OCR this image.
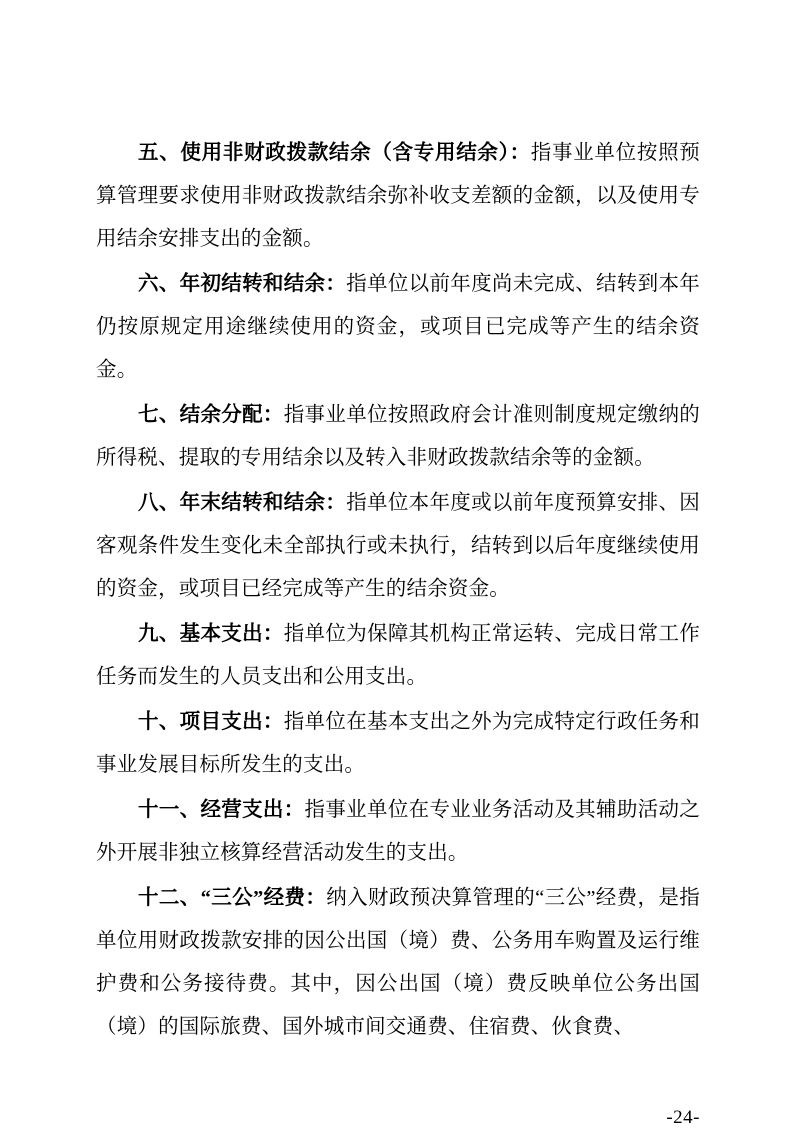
五、使用非财政拨款结余（含专用结余）：指事业单位按照预算管理要求使用非财政拨款结余弥补收支差额的金额，以及使用专用结余安排支出的金额。

六、年初结转和结余：指单位以前年度尚未完成、结转到本年仍按原规定用途继续使用的资金，或项目已完成等产生的结余资金。

七、结余分配：指事业单位按照政府会计准则制度规定缴纳的所得税、提取的专用结余以及转入非财政拨款结余等的金额。

八、年末结转和结余：指单位本年度或以前年度预算安排、因客观条件发生变化未全部执行或未执行，结转到以后年度继续使用的资金，或项目已经完成等产生的结余资金。

九、基本支出：指单位为保障其机构正常运转、完成日常工作任务而发生的人员支出和公用支出。

十、项目支出：指单位在基本支出之外为完成特定行政任务和事业发展目标所发生的支出。

十一、经营支出：指事业单位在专业业务活动及其辅助活动之外开展非独立核算经营活动发生的支出。

十二、“三公”经费：纳入财政预决算管理的“三公”经费，是指单位用财政拨款安排的因公出国（境）费、公务用车购置及运行维护费和公务接待费。其中，因公出国（境）费反映单位公务出国（境）的国际旅费、国外城市间交通费、住宿费、伙食费、

-24-
